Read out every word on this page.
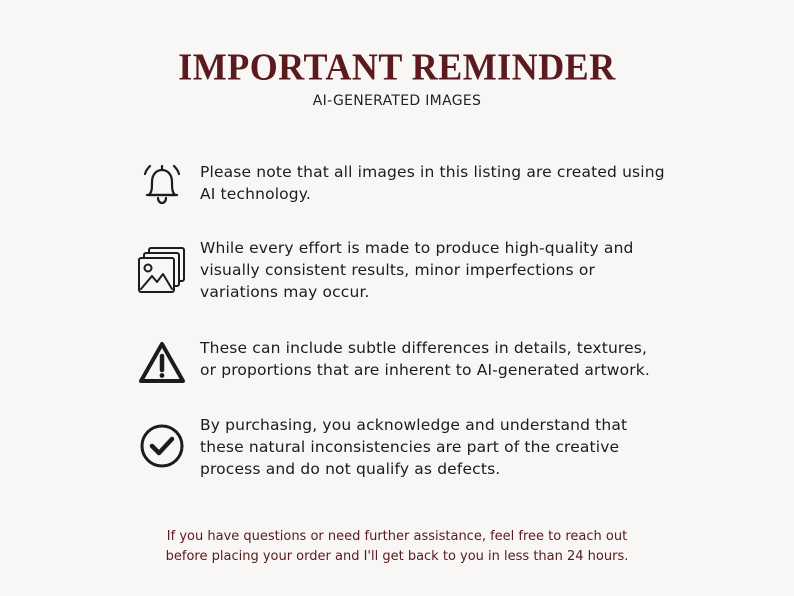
IMPORTANT REMINDER
AI-GENERATED IMAGES
Please note that all images in this listing are created using
AI technology.
While every effort is made to produce high-quality and
visually consistent results, minor imperfections or
variations may occur.
These can include subtle differences in details, textures,
or proportions that are inherent to AI-generated artwork.
By purchasing, you acknowledge and understand that
these natural inconsistencies are part of the creative
process and do not qualify as defects.
If you have questions or need further assistance, feel free to reach out
before placing your order and I'll get back to you in less than 24 hours.
